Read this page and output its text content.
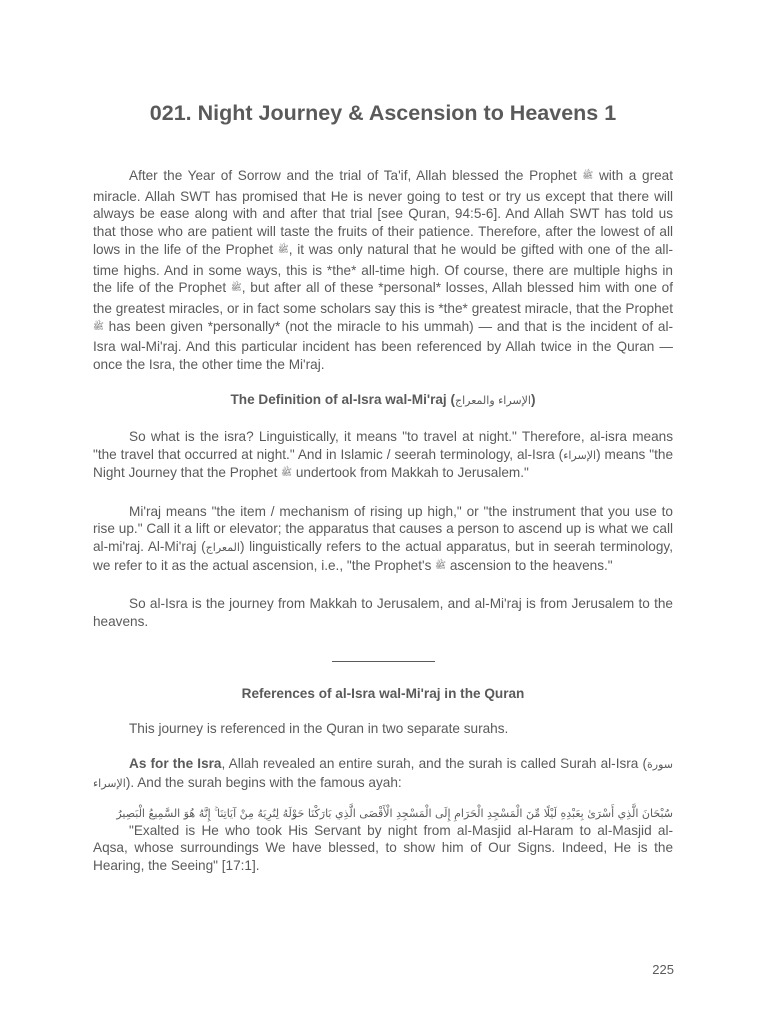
021. Night Journey & Ascension to Heavens 1

After the Year of Sorrow and the trial of Ta'if, Allah blessed the Prophet ﷺ with a great miracle. Allah SWT has promised that He is never going to test or try us except that there will always be ease along with and after that trial [see Quran, 94:5-6]. And Allah SWT has told us that those who are patient will taste the fruits of their patience. Therefore, after the lowest of all lows in the life of the Prophet ﷺ, it was only natural that he would be gifted with one of the all-time highs. And in some ways, this is *the* all-time high. Of course, there are multiple highs in the life of the Prophet ﷺ, but after all of these *personal* losses, Allah blessed him with one of the greatest miracles, or in fact some scholars say this is *the* greatest miracle, that the Prophet ﷺ has been given *personally* (not the miracle to his ummah) — and that is the incident of al-Isra wal-Mi'raj. And this particular incident has been referenced by Allah twice in the Quran — once the Isra, the other time the Mi'raj.

The Definition of al-Isra wal-Mi'raj (الإسراء والمعراج)

So what is the isra? Linguistically, it means "to travel at night." Therefore, al-isra means "the travel that occurred at night." And in Islamic / seerah terminology, al-Isra (الإسراء) means "the Night Journey that the Prophet ﷺ undertook from Makkah to Jerusalem."

Mi'raj means "the item / mechanism of rising up high," or "the instrument that you use to rise up." Call it a lift or elevator; the apparatus that causes a person to ascend up is what we call al-mi'raj. Al-Mi'raj (المعراج) linguistically refers to the actual apparatus, but in seerah terminology, we refer to it as the actual ascension, i.e., "the Prophet's ﷺ ascension to the heavens."

So al-Isra is the journey from Makkah to Jerusalem, and al-Mi'raj is from Jerusalem to the heavens.

References of al-Isra wal-Mi'raj in the Quran

This journey is referenced in the Quran in two separate surahs.

As for the Isra, Allah revealed an entire surah, and the surah is called Surah al-Isra (سورة الإسراء). And the surah begins with the famous ayah:

سُبْحَانَ الَّذِي أَسْرَىٰ بِعَبْدِهِ لَيْلًا مِّنَ الْمَسْجِدِ الْحَرَامِ إِلَى الْمَسْجِدِ الْأَقْصَى الَّذِي بَارَكْنَا حَوْلَهُ لِنُرِيَهُ مِنْ آيَاتِنَا ۚ إِنَّهُ هُوَ السَّمِيعُ الْبَصِيرُ

"Exalted is He who took His Servant by night from al-Masjid al-Haram to al-Masjid al-Aqsa, whose surroundings We have blessed, to show him of Our Signs. Indeed, He is the Hearing, the Seeing" [17:1].

225
